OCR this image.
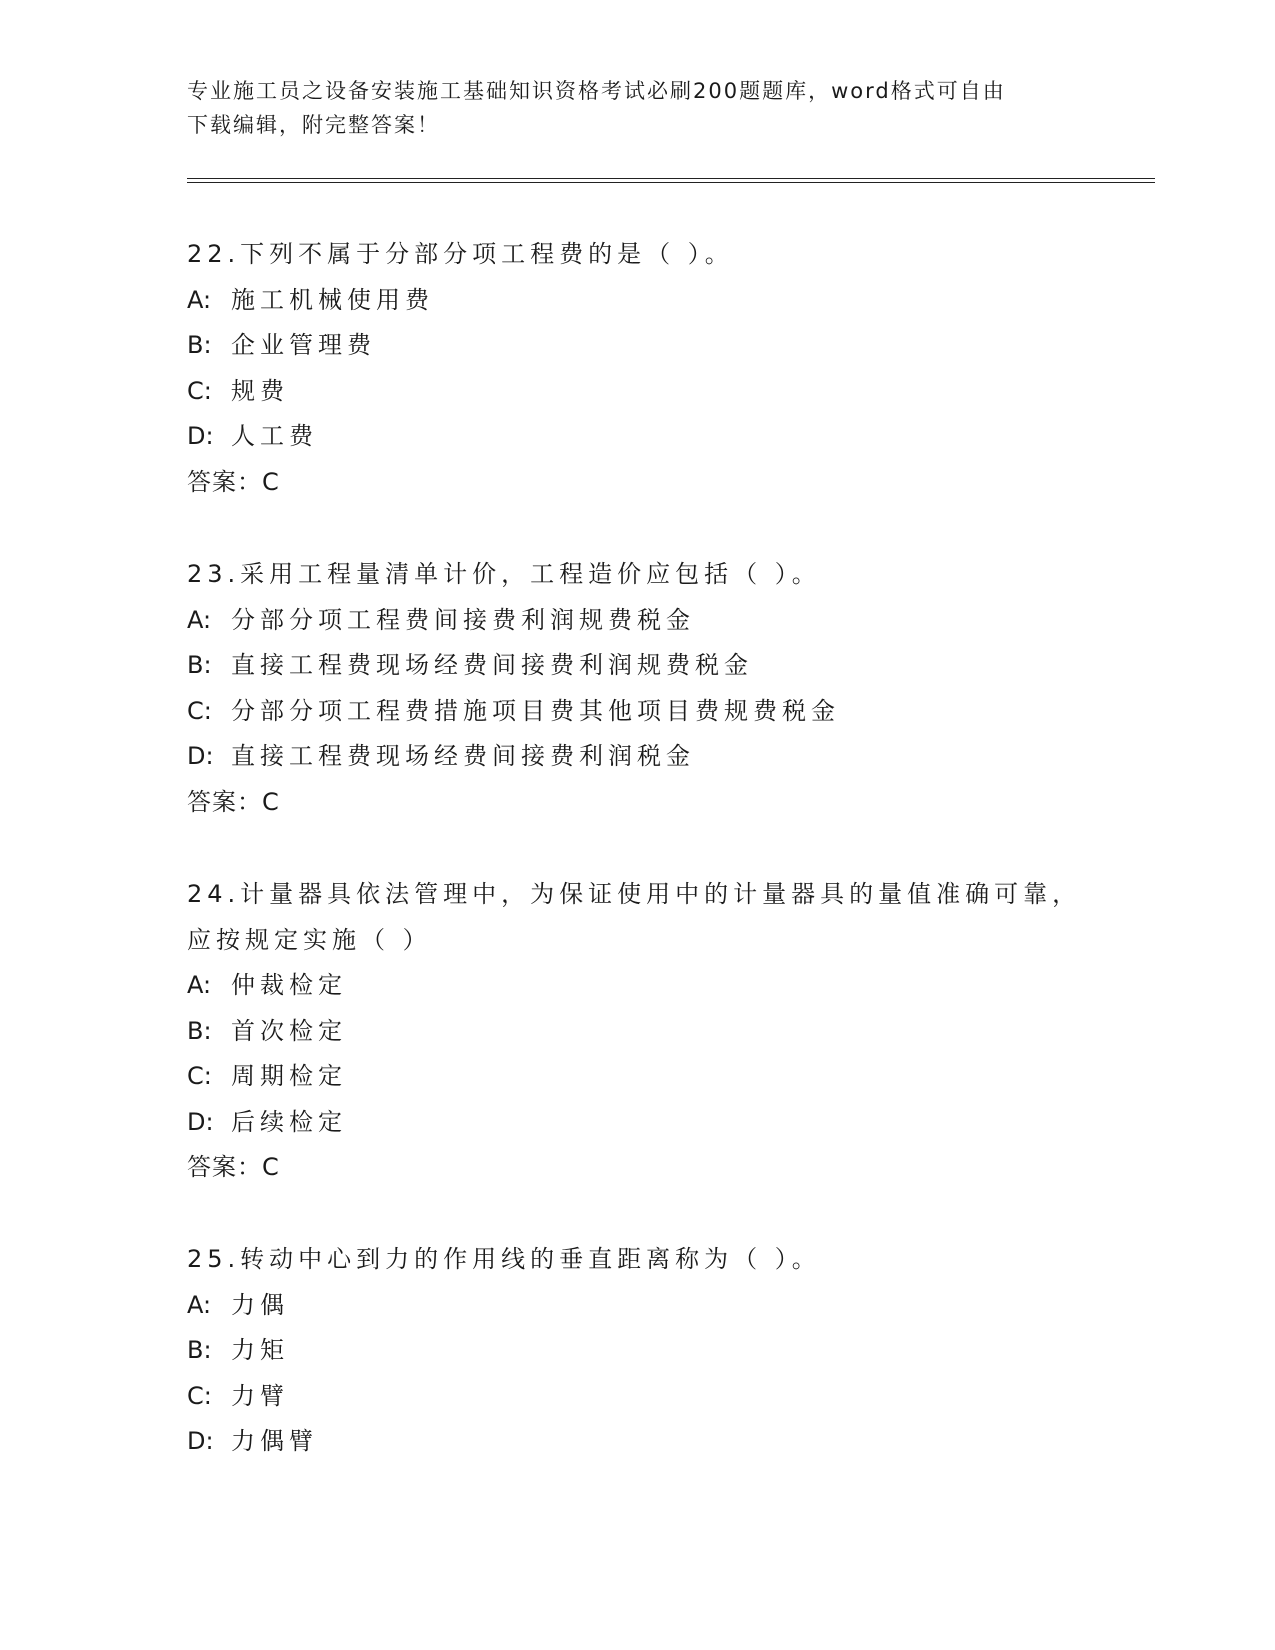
专业施工员之设备安装施工基础知识资格考试必刷200题题库，word格式可自由
下载编辑，附完整答案！
22.下列不属于分部分项工程费的是（ ）。
A: 施工机械使用费
B: 企业管理费
C: 规费
D: 人工费
答案：C
23.采用工程量清单计价，工程造价应包括（ ）。
A: 分部分项工程费间接费利润规费税金
B: 直接工程费现场经费间接费利润规费税金
C: 分部分项工程费措施项目费其他项目费规费税金
D: 直接工程费现场经费间接费利润税金
答案：C
24.计量器具依法管理中，为保证使用中的计量器具的量值准确可靠，
应按规定实施（ ）
A: 仲裁检定
B: 首次检定
C: 周期检定
D: 后续检定
答案：C
25.转动中心到力的作用线的垂直距离称为（ ）。
A: 力偶
B: 力矩
C: 力臂
D: 力偶臂
